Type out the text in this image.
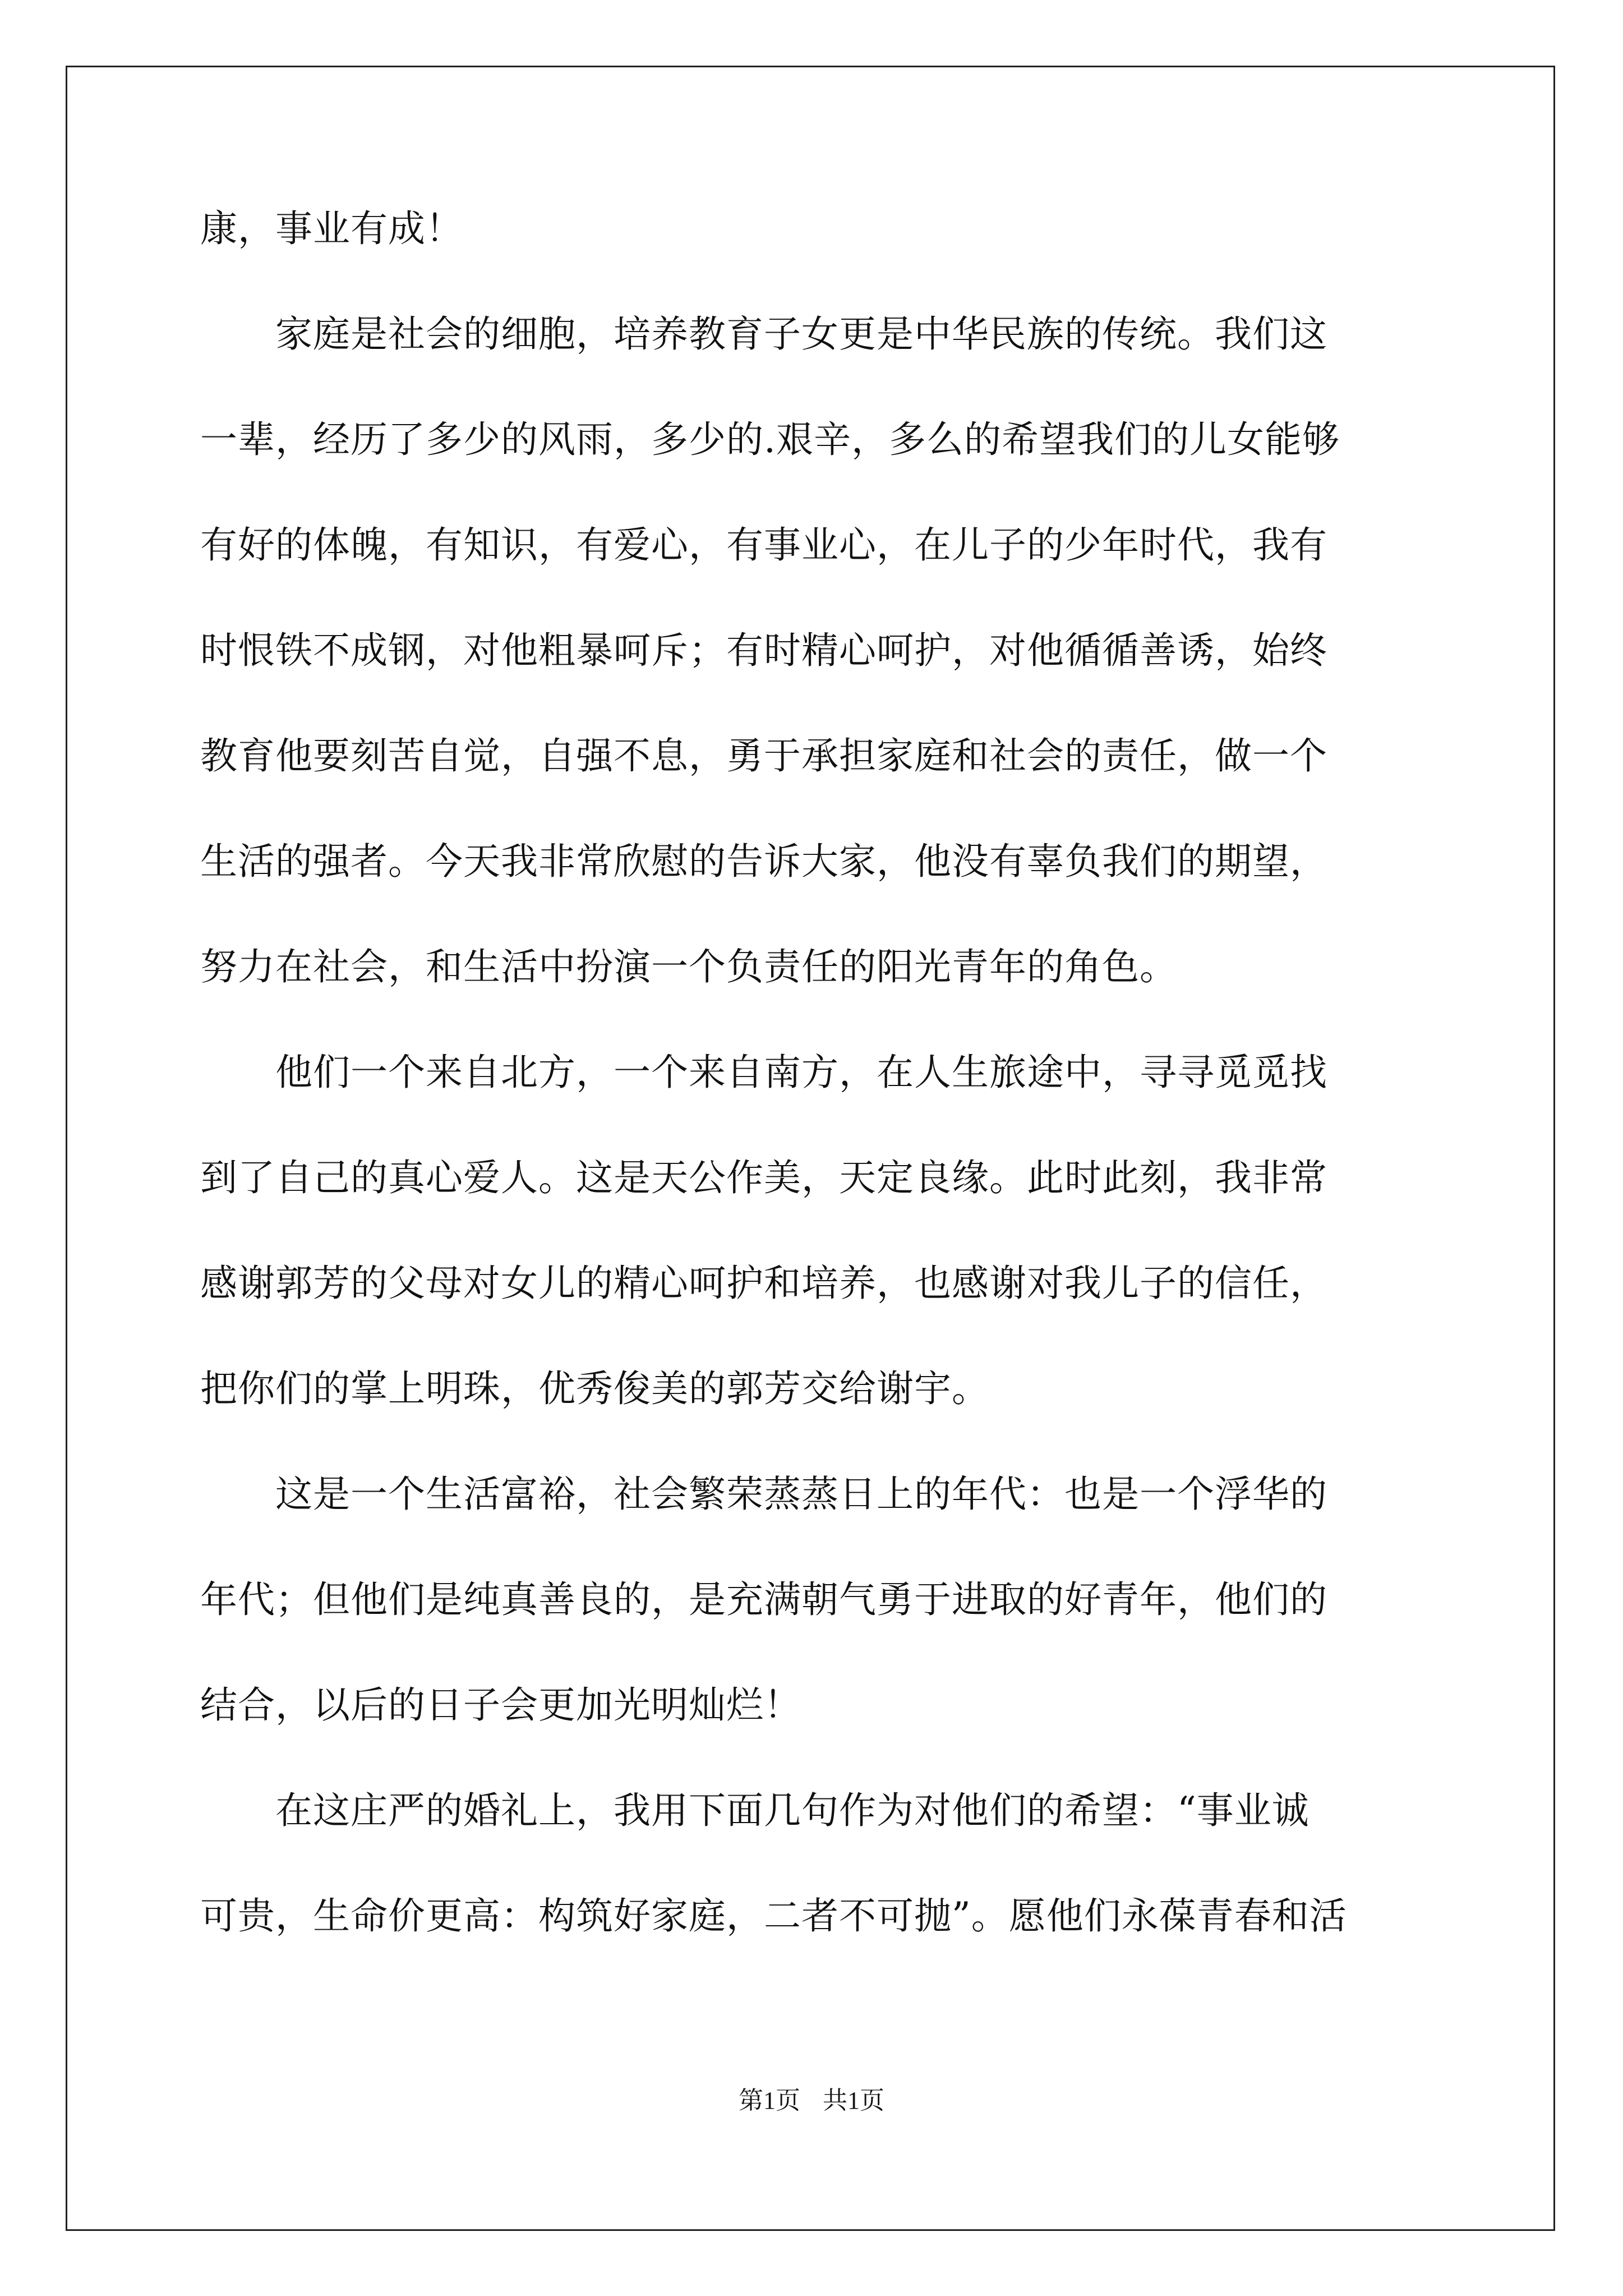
康，事业有成！
　　家庭是社会的细胞，培养教育子女更是中华民族的传统。我们这
一辈，经历了多少的风雨，多少的.艰辛，多么的希望我们的儿女能够
有好的体魄，有知识，有爱心，有事业心，在儿子的少年时代，我有
时恨铁不成钢，对他粗暴呵斥；有时精心呵护，对他循循善诱，始终
教育他要刻苦自觉，自强不息，勇于承担家庭和社会的责任，做一个
生活的强者。今天我非常欣慰的告诉大家，他没有辜负我们的期望，
努力在社会，和生活中扮演一个负责任的阳光青年的角色。
　　他们一个来自北方，一个来自南方，在人生旅途中，寻寻觅觅找
到了自己的真心爱人。这是天公作美，天定良缘。此时此刻，我非常
感谢郭芳的父母对女儿的精心呵护和培养，也感谢对我儿子的信任，
把你们的掌上明珠，优秀俊美的郭芳交给谢宇。
　　这是一个生活富裕，社会繁荣蒸蒸日上的年代：也是一个浮华的
年代；但他们是纯真善良的，是充满朝气勇于进取的好青年，他们的
结合，以后的日子会更加光明灿烂！
　　在这庄严的婚礼上，我用下面几句作为对他们的希望：“事业诚
可贵，生命价更高：构筑好家庭，二者不可抛”。愿他们永葆青春和活
第1页 共1页
